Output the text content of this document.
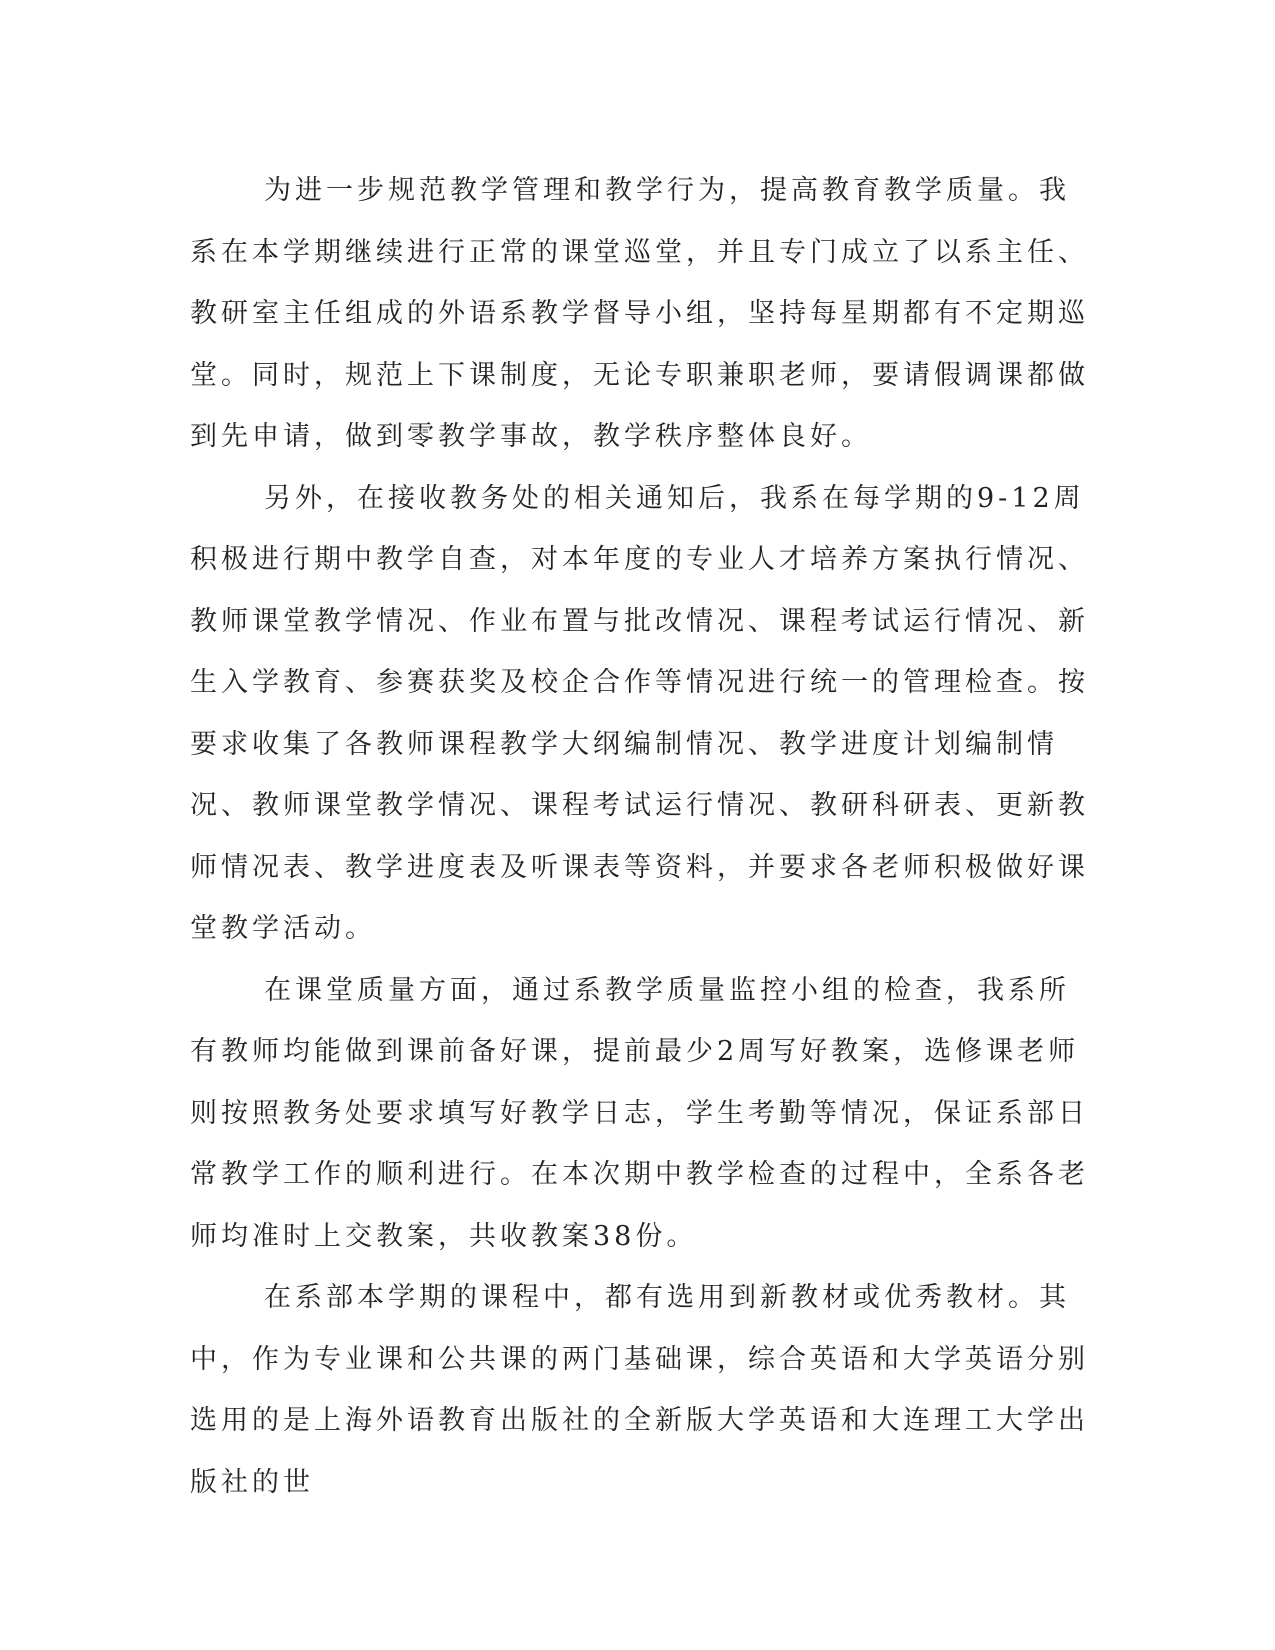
为进一步规范教学管理和教学行为，提高教育教学质量。我系在本学期继续进行正常的课堂巡堂，并且专门成立了以系主任、教研室主任组成的外语系教学督导小组，坚持每星期都有不定期巡堂。同时，规范上下课制度，无论专职兼职老师，要请假调课都做到先申请，做到零教学事故，教学秩序整体良好。

另外，在接收教务处的相关通知后，我系在每学期的9-12周积极进行期中教学自查，对本年度的专业人才培养方案执行情况、教师课堂教学情况、作业布置与批改情况、课程考试运行情况、新生入学教育、参赛获奖及校企合作等情况进行统一的管理检查。按要求收集了各教师课程教学大纲编制情况、教学进度计划编制情况、教师课堂教学情况、课程考试运行情况、教研科研表、更新教师情况表、教学进度表及听课表等资料，并要求各老师积极做好课堂教学活动。

在课堂质量方面，通过系教学质量监控小组的检查，我系所有教师均能做到课前备好课，提前最少2周写好教案，选修课老师则按照教务处要求填写好教学日志，学生考勤等情况，保证系部日常教学工作的顺利进行。在本次期中教学检查的过程中，全系各老师均准时上交教案，共收教案38份。

在系部本学期的课程中，都有选用到新教材或优秀教材。其中，作为专业课和公共课的两门基础课，综合英语和大学英语分别选用的是上海外语教育出版社的全新版大学英语和大连理工大学出版社的世
